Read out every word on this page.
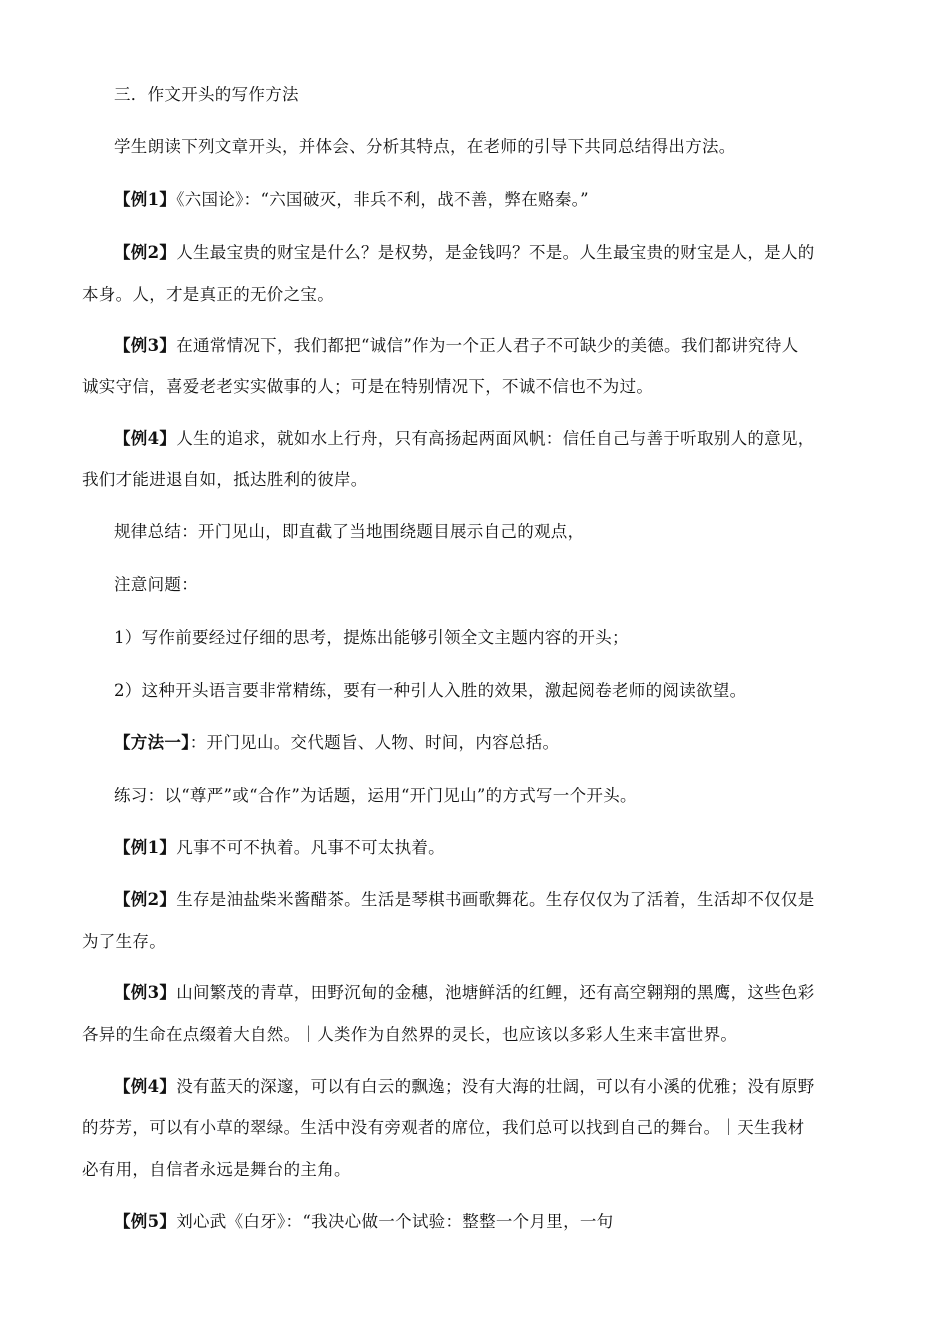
三．作文开头的写作方法
学生朗读下列文章开头，并体会、分析其特点，在老师的引导下共同总结得出方法。
【例1】《六国论》：“六国破灭，非兵不利，战不善，弊在赂秦。”
【例2】人生最宝贵的财宝是什么？是权势，是金钱吗？不是。人生最宝贵的财宝是人，是人的
本身。人，才是真正的无价之宝。
【例3】在通常情况下，我们都把“诚信”作为一个正人君子不可缺少的美德。我们都讲究待人
诚实守信，喜爱老老实实做事的人；可是在特别情况下，不诚不信也不为过。
【例4】人生的追求，就如水上行舟，只有高扬起两面风帆：信任自己与善于听取别人的意见，
我们才能进退自如，抵达胜利的彼岸。
规律总结：开门见山，即直截了当地围绕题目展示自己的观点，
注意问题：
1）写作前要经过仔细的思考，提炼出能够引领全文主题内容的开头；
2）这种开头语言要非常精练，要有一种引人入胜的效果，激起阅卷老师的阅读欲望。
【方法一】：开门见山。交代题旨、人物、时间，内容总括。
练习：以“尊严”或“合作”为话题，运用“开门见山”的方式写一个开头。
【例1】凡事不可不执着。凡事不可太执着。
【例2】生存是油盐柴米酱醋茶。生活是琴棋书画歌舞花。生存仅仅为了活着，生活却不仅仅是
为了生存。
【例3】山间繁茂的青草，田野沉甸的金穗，池塘鲜活的红鲤，还有高空翱翔的黑鹰，这些色彩
各异的生命在点缀着大自然。｜人类作为自然界的灵长，也应该以多彩人生来丰富世界。
【例4】没有蓝天的深邃，可以有白云的飘逸；没有大海的壮阔，可以有小溪的优雅；没有原野
的芬芳，可以有小草的翠绿。生活中没有旁观者的席位，我们总可以找到自己的舞台。｜天生我材
必有用，自信者永远是舞台的主角。
【例5】刘心武《白牙》：“我决心做一个试验：整整一个月里，一句
